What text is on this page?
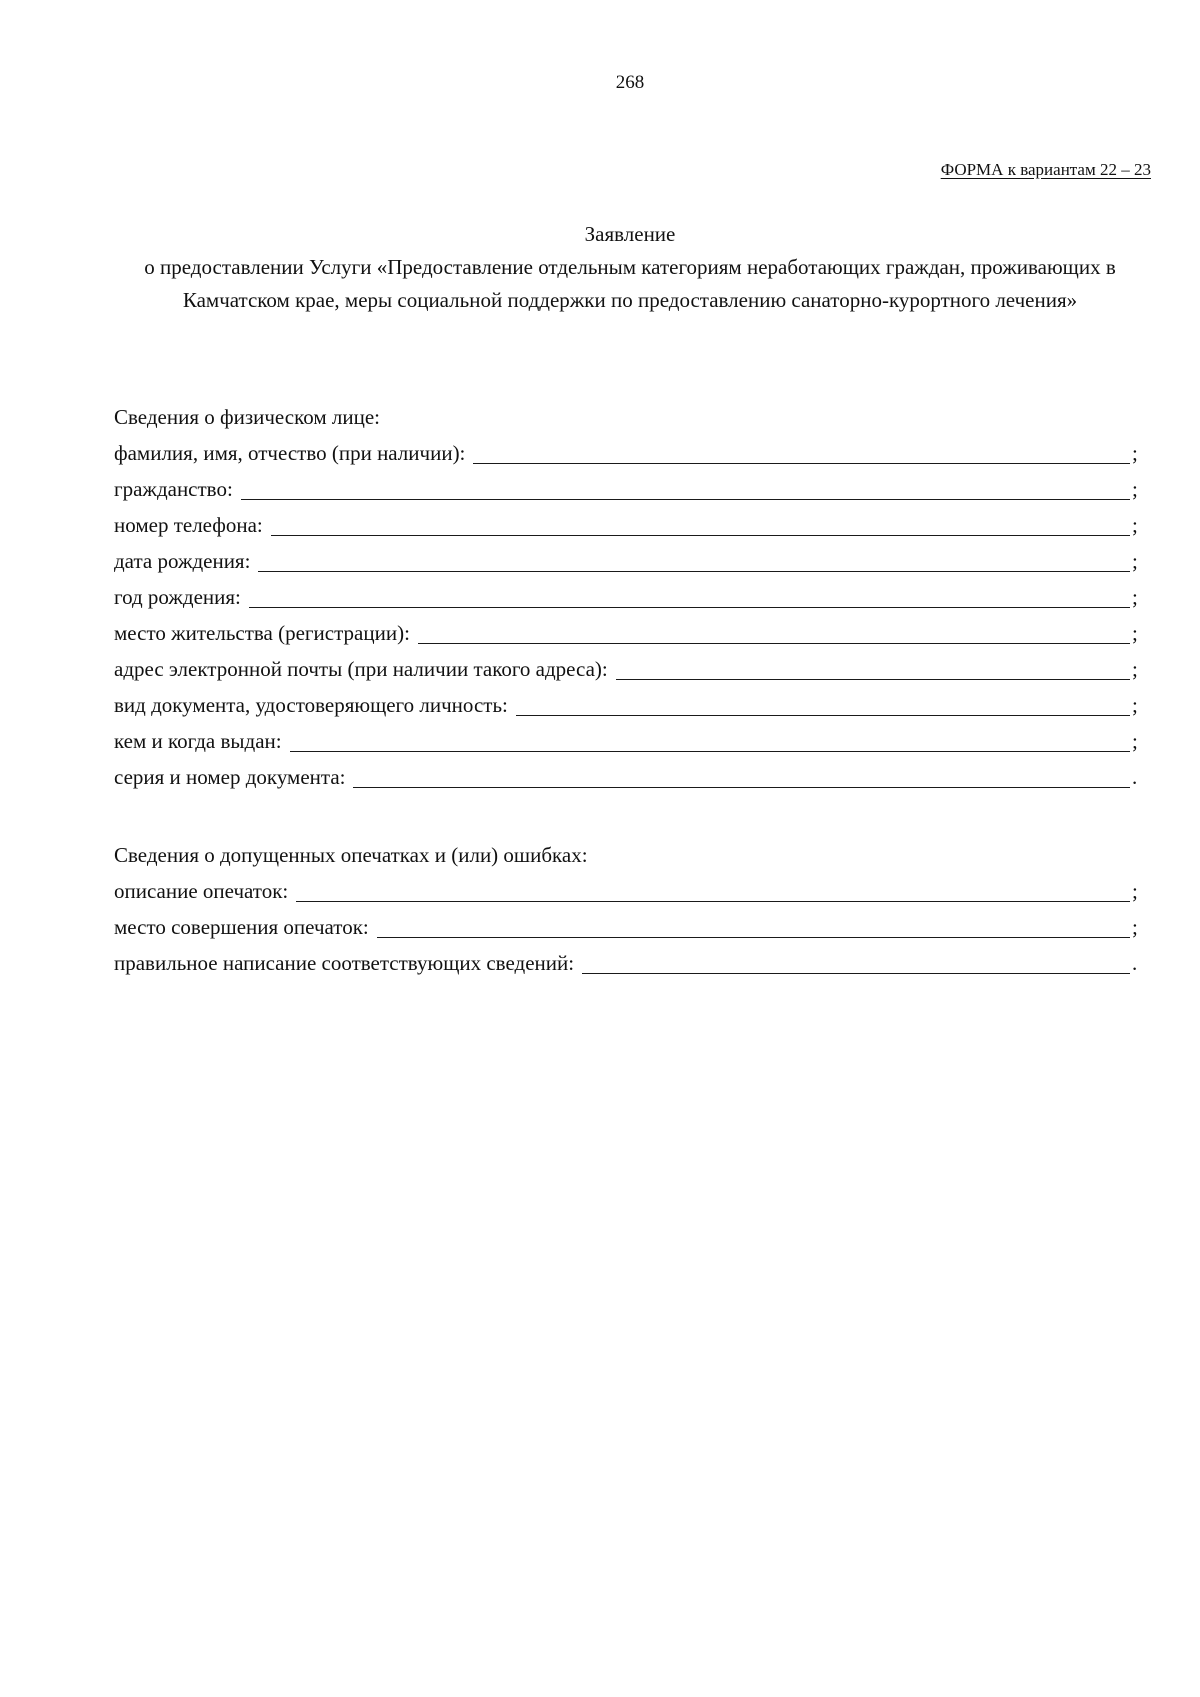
268
ФОРМА к вариантам 22 – 23
Заявление
о предоставлении Услуги «Предоставление отдельным категориям неработающих граждан, проживающих в Камчатском крае, меры социальной поддержки по предоставлению санаторно-курортного лечения»
Сведения о физическом лице:
фамилия, имя, отчество (при наличии):	;
гражданство:	;
номер телефона:	;
дата рождения:	;
год рождения:	;
место жительства (регистрации):	;
адрес электронной почты (при наличии такого адреса):	;
вид документа, удостоверяющего личность:	;
кем и когда выдан:	;
серия и номер документа:	.
Сведения о допущенных опечатках и (или) ошибках:
описание опечаток:	;
место совершения опечаток:	;
правильное написание соответствующих сведений:	.
